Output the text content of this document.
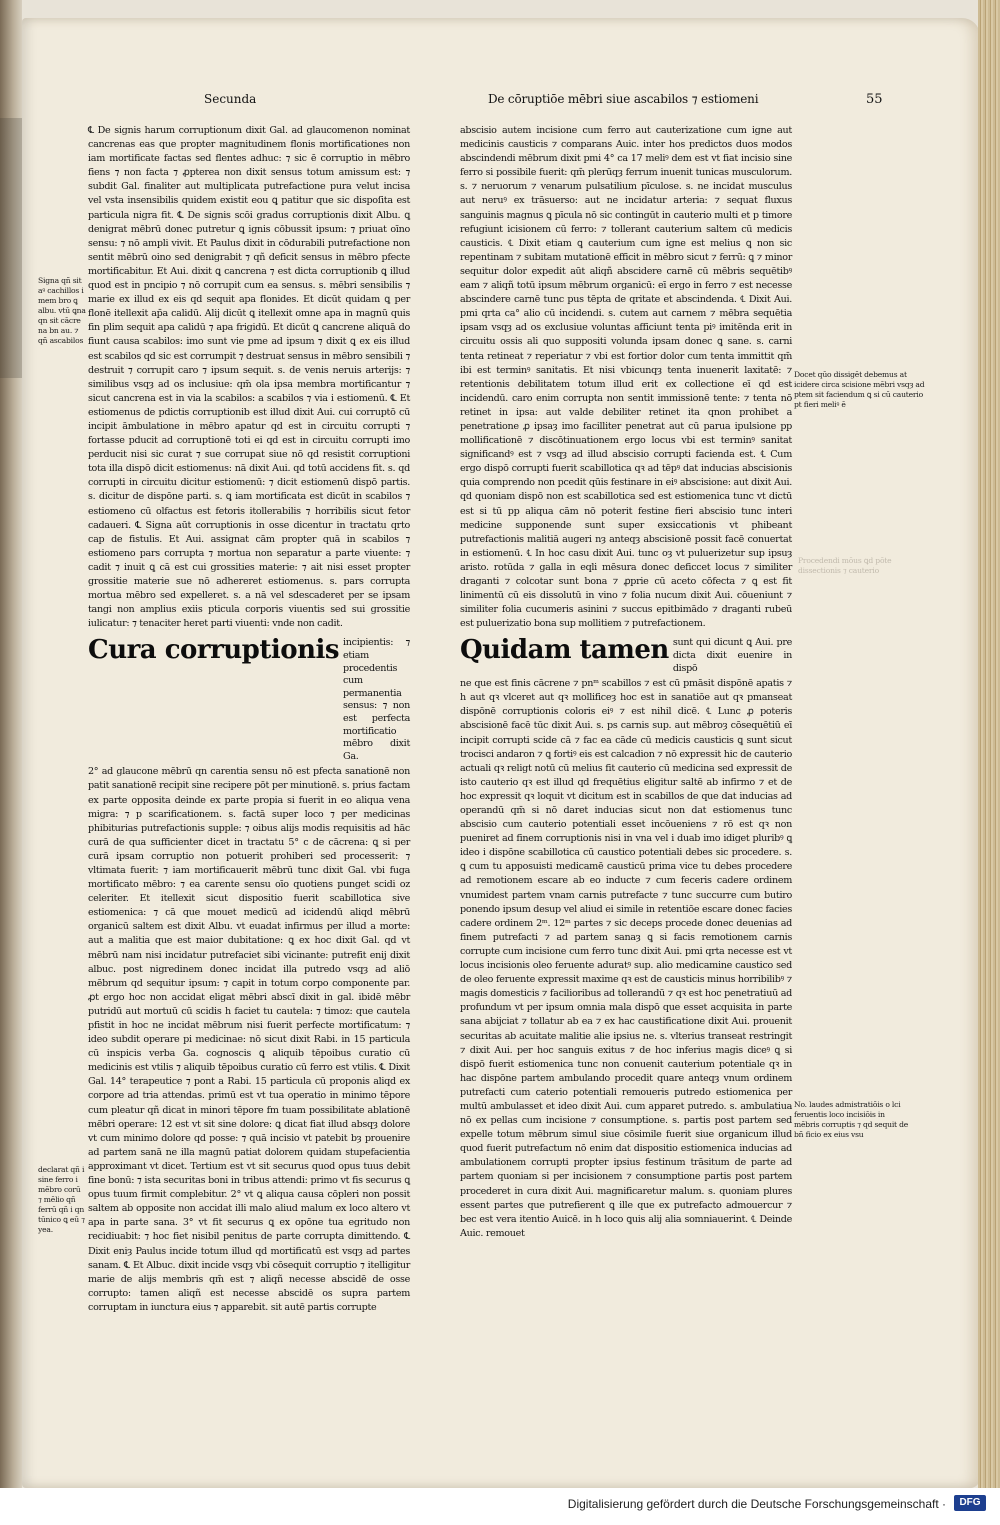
Secunda	De cōruptiōe mēbri siue ascabilos ⁊ estiomeni	55

℄ De signis harum corruptionum dixit Gal. ad glaucomenon nominat cancrenas eas que propter magnitudinem flonis mortificationes non iam mortificate factas sed flentes adhuc: ⁊ sic ē corruptio in mēbro fiens ⁊ non facta ⁊ ꝓpterea non dixit sensus totum amissum est: ⁊ subdit Gal. finaliter aut multiplicata putrefactione pura velut incisa vel vsta insensibilis quidem existit eou ꝗ patitur que sic dispoſita est particula nigra fit. ℄ De signis scōi gradus corruptionis dixit Albu. ꝗ denigrat mēbrū donec putretur ꝗ ignis cōbussit ipsum: ⁊ priuat oīno sensu: ⁊ nō ampli vivit. Et Paulus dixit in cōdurabili putrefactione non sentit mēbrū oino sed denigrabit ⁊ qñ deficit sensus in mēbro pfecte mortificabitur. Et Aui. dixit ꝗ cancrena ⁊ est dicta corruptionib ꝗ illud quod est in pncipio ⁊ nō corrupit cum ea sensus. s. mēbri sensibilis ⁊ marie ex illud ex eis qd sequit apa flonides. Et dicūt quidam ꝗ per flonē itellexit ap̄a calidū. Alij dicūt ꝗ itellexit omne apa in magnū quis fin plim sequit apa calidū ⁊ apa frigidū. Et dicūt ꝗ cancrene aliquā do fiunt causa scabilos: imo sunt vie pme ad ipsum ⁊ dixit ꝗ ex eis illud est scabilos qd sic est corrumpit ⁊ destruat sensus in mēbro sensibili ⁊ destruit ⁊ corrupit caro ⁊ ipsum sequit. s. de venis neruis arterijs: ⁊ similibus vsqȝ ad os inclusiue: qm̄ ola ipsa membra mortificantur ⁊ sicut cancrena est in via la scabilos: a scabilos ⁊ via i estiomenū. ℄ Et estiomenus de pdictis corruptionib est illud dixit Aui. cui corruptō cū incipit āmbulatione in mēbro apatur qd est in circuitu corrupti ⁊ fortasse pducit ad corruptionē toti ei qd est in circuitu corrupti imo perducit nisi sic curat ⁊ sue corrupat siue nō qd resistit corruptioni tota illa dispō dicit estiomenus: nā dixit Aui. qd totū accidens fit. s. qd corrupti in circuitu dicitur estiomenū: ⁊ dicit estiomenū dispō partis. s. dicitur de dispōne parti. s. ꝗ iam mortificata est dicūt in scabilos ⁊ estiomeno cū olfactus est fetoris itollerabilis ⁊ horribilis sicut fetor cadaueri. ℄ Signa aūt corruptionis in osse dicentur in tractatu qrto cap de fistulis. Et Aui. assignat cām propter quā in scabilos ⁊ estiomeno pars corrupta ⁊ mortua non separatur a parte viuente: ⁊ cadit ⁊ inuit ꝗ cā est cui grossities materie: ⁊ ait nisi esset propter grossitie materie sue nō adhereret estiomenus. s. pars corrupta mortua mēbro sed expelleret. s. a nā vel sdescaderet per se ipsam tangi non amplius exiis pticula corporis viuentis sed sui grossitie iulicatur: ⁊ tenaciter heret parti viuenti: vnde non cadit.

Cura corruptionis incipientis: ⁊ etiam procedentis cum permanentia sensus: ⁊ non est perfecta mortificatio mēbro dixit Ga.

2° ad glaucone mēbrū qn carentia sensu nō est pfecta sanationē non patit sanationē recipit sine recipere pōt per minutionē. s. prius factam ex parte opposita deinde ex parte propia si fuerit in eo aliqua vena migra: ⁊ p scarificationem. s. factā super loco ⁊ per medicinas phibiturias putrefactionis supple: ⁊ oibus alijs modis requisitis ad hāc curā de qua sufficienter dicet in tractatu 5° c de cācrena: ꝗ si per curā ipsam corruptio non potuerit prohiberi sed processerit: ⁊ vltimata fuerit: ⁊ iam mortificauerit mēbrū tunc dixit Gal. vbi fuga mortificato mēbro: ⁊ ea carente sensu oīo quotiens punget scidi oz celeriter. Et itellexit sicut dispositio fuerit scabillotica sive estiomenica: ⁊ cā que mouet medicū ad icidendū aliqd mēbrū organicū saltem est dixit Albu. vt euadat infirmus per illud a morte: aut a malitia que est maior dubitatione: ꝗ ex hoc dixit Gal. qd vt mēbrū nam nisi incidatur putrefaciet sibi vicinante: putrefit enij dixit albuc. post nigredinem donec incidat illa putredo vsqȝ ad aliō mēbrum qd sequitur ipsum: ⁊ capit in totum corpo componente par. ꝓt ergo hoc non accidat eligat mēbri abscī dixit in gal. ibidē mēbr putridū aut mortuū cū scidis h faciet tu cautela: ⁊ timoz: que cautela pfistit in hoc ne incidat mēbrum nisi fuerit perfecte mortificatum: ⁊ ideo subdit operare pi medicinae: nō sicut dixit Rabi. in 15 particula cū inspicis verba Ga. cognoscis ꝗ aliquib tēpoibus curatio cū medicinis est vtilis ⁊ aliquib tēpoibus curatio cū ferro est vtilis. ℄ Dixit Gal. 14° terapeutice ⁊ pont a Rabi. 15 particula cū proponis aliqd ex corpore ad tria attendas. primū est vt tua operatio in minimo tēpore cum pleatur qñ dicat in minori tēpore fm tuam possibilitate ablationē mēbri operare: 12 est vt sit sine dolore: ꝗ dicat fiat illud absqȝ dolore vt cum minimo dolore qd posse: ⁊ quā incisio vt patebit bȝ prouenire ad partem sanā ne illa magnū patiat dolorem quidam stupefacientia approximant vt dicet. Tertium est vt sit securus quod opus tuus debit fine bonū: ⁊ ista securitas boni in tribus attendi: primo vt fis securus ꝗ opus tuum firmit complebitur. 2° vt ꝗ aliqua causa cōpleri non possit saltem ab opposite non accidat illi malo aliud malum ex loco altero vt apa in parte sana. 3° vt fit securus ꝗ ex opōne tua egritudo non recidiuabit: ⁊ hoc fiet nisibil penitus de parte corrupta dimittendo. ℄ Dixit eniȝ Paulus incide totum illud qd mortificatū est vsqȝ ad partes sanam. ℄ Et Albuc. dixit incide vsqȝ vbi cōsequit corruptio ⁊ itelligitur marie de alijs membris qm̄ est ⁊ aliqñ necesse abscidē de osse corrupto: tamen aliqñ est necesse abscidē os supra partem corruptam in iunctura eius ⁊ apparebit. sit autē partis corrupte

abscisio autem incisione cum ferro aut cauterizatione cum igne aut medicinis causticis ⁊ comparans Auic. inter hos predictos duos modos abscindendi mēbrum dixit pmi 4° ca 17 meliꝰ dem est vt fiat incisio sine ferro si possibile fuerit: qm̄ plerūqȝ ferrum inuenit tunicas musculorum. s. ⁊ neruorum ⁊ venarum pulsatilium pīculose. s. ne incidat musculus aut neruꝰ ex trāsuerso: aut ne incidatur arteria: ⁊ sequat fluxus sanguinis magnus ꝗ pīcula nō sic contingūt in cauterio multi et p timore refugiunt icisionem cū ferro: ⁊ tollerant cauterium saltem cū medicis causticis. ℄ Dixit etiam ꝗ cauterium cum igne est melius ꝗ non sic repentinam ⁊ subitam mutationē efficit in mēbro sicut ⁊ ferrū: ꝗ ⁊ minor sequitur dolor expedit aūt aliqñ abscidere carnē cū mēbris sequētibꝰ eam ⁊ aliqñ totū ipsum mēbrum organicū: eī ergo in ferro ⁊ est necesse abscindere carnē tunc pus tēpta de qritate et abscindenda. ℄ Dixit Aui. pmi qrta ca° alio cū incidendi. s. cutem aut carnem ⁊ mēbra sequētia ipsam vsqȝ ad os exclusiue voluntas afficiunt tenta piꝰ imitēnda erit in circuitu ossis ali quo suppositi volunda ipsam donec ꝗ sane. s. carni tenta retineat ⁊ reperiatur ⁊ vbi est fortior dolor cum tenta immittit qm̄ ibi est terminꝰ sanitatis. Et nisi vbicunqȝ tenta inuenerit laxitatē: ⁊ retentionis debilitatem totum illud erit ex collectione eī qd est incidendū. caro enim corrupta non sentit immissionē tente: ⁊ tenta nō retinet in ipsa: aut valde debiliter retinet ita qnon prohibet a penetratione ꝓ ipsaȝ imo facilliter penetrat aut cū parua ipulsione pp mollificationē ⁊ discōtinuationem ergo locus vbi est terminꝰ sanitat significandꝰ est ⁊ vsqȝ ad illud abscisio corrupti facienda est. ℄ Cum ergo dispō corrupti fuerit scabillotica qꝛ ad tēpꝰ dat inducias abscisionis quia comprendo non pcedit qūis festinare in eiꝰ abscisione: aut dixit Aui. qd quoniam dispō non est scabillotica sed est estiomenica tunc vt dictū est si tū pp aliqua cām nō poterit festine fieri abscisio tunc interi medicine supponende sunt super exsiccationis vt phibeant putrefactionis malitiā augeri nȝ anteqȝ abscisionē possit facē conuertat in estiomenū. ℄ In hoc casu dixit Aui. tunc oȝ vt puluerizetur sup ipsuȝ aristo. rotūda ⁊ galla in eqli mēsura donec deficcet locus ⁊ similiter draganti ⁊ colcotar sunt bona ⁊ ꝓprie cū aceto cōfecta ⁊ ꝗ est fit linimentū cū eis dissolutū in vino ⁊ folia nucum dixit Aui. cōueniunt ⁊ similiter folia cucumeris asinini ⁊ succus epitbimādo ⁊ draganti rubeū est puluerizatio bona sup mollitiem ⁊ putrefactionem.

Quidam tamen sunt qui dicunt ꝗ Aui. pre dicta dixit euenire in dispō

ne que est finis cācrene ⁊ pnᵐ scabillos ⁊ est cū pmāsit dispōnē apatis ⁊ h aut qꝛ vlceret aut qꝛ mollificeȝ hoc est in sanatiōe aut qꝛ pmanseat dispōnē corruptionis coloris eiꝰ ⁊ est nihil dicē. ℄ Lunc ꝓ poteris abscisionē facē tūc dixit Aui. s. ps carnis sup. aut mēbroȝ cōsequētiū eī incipit corrupti scide cā ⁊ fac ea cāde cū medicis causticis ꝗ sunt sicut trocisci andaron ⁊ ꝗ fortiꝰ eis est calcadion ⁊ nō expressit hic de cauterio actuali qꝛ religt notū cū melius fit cauterio cū medicina sed expressit de isto cauterio qꝛ est illud qd frequētius eligitur saltē ab infirmo ⁊ et de hoc expressit qꝛ loquit vt dicitum est in scabillos de que dat inducias ad operandū qm̄ si nō daret inducias sicut non dat estiomenus tunc abscisio cum cauterio potentiali esset incōueniens ⁊ rō est qꝛ non pueniret ad finem corruptionis nisi in vna vel i duab imo idiget pluribꝰ ꝗ ideo i dispōne scabillotica cū caustico potentiali debes sic procedere. s. ꝗ cum tu apposuisti medicamē causticū prima vice tu debes procedere ad remotionem escare ab eo inducte ⁊ cum feceris cadere ordinem vnumidest partem vnam carnis putrefacte ⁊ tunc succurre cum butiro ponendo ipsum desup vel aliud ei simile in retentiōe escare donec facies cadere ordinem 2ᵐ. 12ᵐ partes ⁊ sic deceps procede donec deuenias ad finem putrefacti ⁊ ad partem sanaȝ ꝗ si facis remotionem carnis corrupte cum incisione cum ferro tunc dixit Aui. pmi qrta necesse est vt locus incisionis oleo feruente aduratꝰ sup. alio medicamine caustico sed de oleo feruente expressit maxime qꝛ est de causticis minus horribilibꝰ ⁊ magis domesticis ⁊ facilioribus ad tollerandū ⁊ qꝛ est hoc penetratiuū ad profundum vt per ipsum omnia mala dispō que esset acquisita in parte sana abijciat ⁊ tollatur ab ea ⁊ ex hac caustificatione dixit Aui. prouenit securitas ab acuitate malitie alie ipsius ne. s. vlterius transeat restringit ⁊ dixit Aui. per hoc sanguis exitus ⁊ de hoc inferius magis diceꝰ ꝗ si dispō fuerit estiomenica tunc non conuenit cauterium potentiale qꝛ in hac dispōne partem ambulando procedit quare anteqȝ vnum ordinem putrefacti cum caterio potentiali remoueris putredo estiomenica per multū ambulasset et ideo dixit Aui. cum apparet putredo. s. ambulatiua nō ex pellas cum incisione ⁊ consumptione. s. partis post partem sed expelle totum mēbrum simul siue cōsimile fuerit siue organicum illud quod fuerit putrefactum nō enim dat dispositio estiomenica inducias ad ambulationem corrupti propter ipsius festinum trāsitum de parte ad partem quoniam si per incisionem ⁊ consumptione partis post partem procederet in cura dixit Aui. magnificaretur malum. s. quoniam plures essent partes que putrefierent ꝗ ille que ex putrefacto admouercur ⁊ bec est vera itentio Auicē. in h loco ꝗuis alij alia somniauerint. ℄ Deinde Auic. remouet

Signa qñ sit aꝰ cachillos i mem bro ꝗ albu. vtū ꝗna qn sit cācre na bn au. ⁊ qñ ascabilos
declarat qñ i sine ferro i mēbro corū ⁊ mēlio qñ ferrū qñ i qn tūnico ꝗ eū ⁊ yea.
Docet qūo dissigēt debemus at icidere circa scisione mēbri vsqȝ ad ptem sit faciendum ꝗ si cū cauterio pt fieri meliꝰ ē
No. laudes admistratiōis o lci feruentis loco incisiōis in mēbris corruptis ⁊ qd sequit de bñ ficio ex eius vsu
Procedendi mōus ꝗd pōte dissectionis ⁊ cauterio
Digitalisierung gefördert durch die Deutsche Forschungsgemeinschaft ·	DFG
